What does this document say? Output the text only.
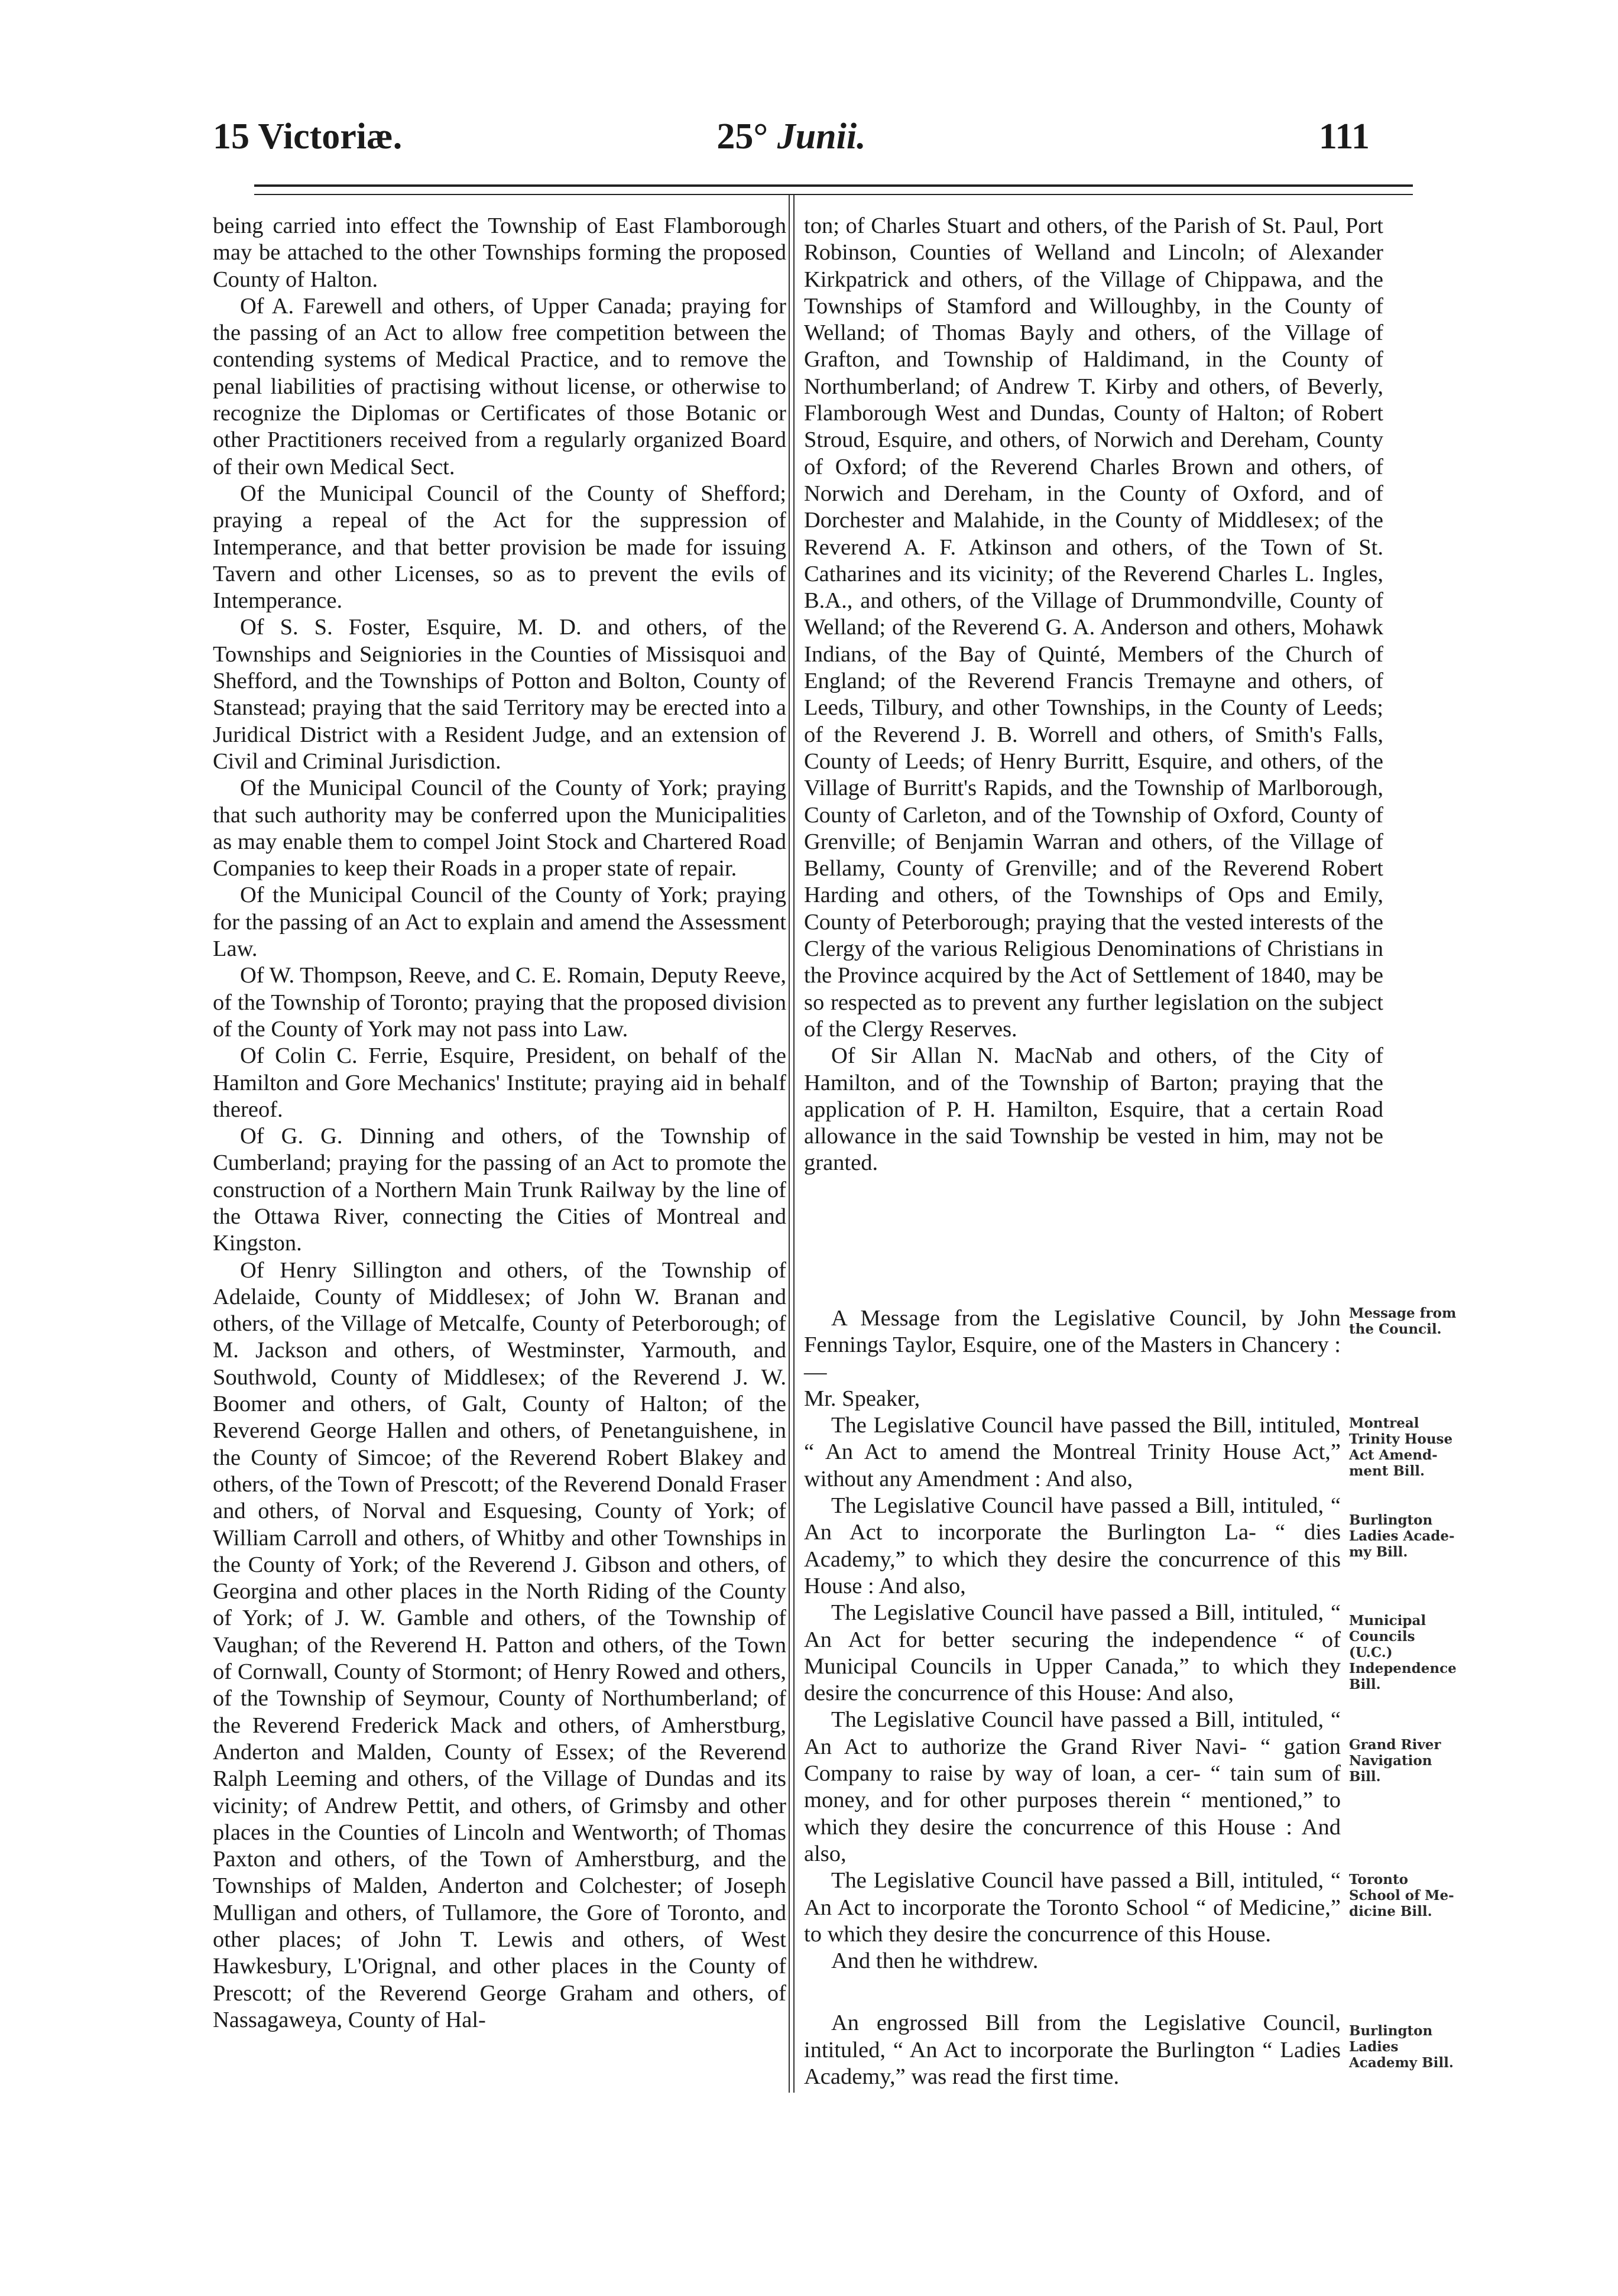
15 Victoriæ.	25° Junii.	111

being carried into effect the Township of East Flamborough may be attached to the other Townships forming the proposed County of Halton.

Of A. Farewell and others, of Upper Canada; praying for the passing of an Act to allow free competition between the contending systems of Medical Practice, and to remove the penal liabilities of practising without license, or otherwise to recognize the Diplomas or Certificates of those Botanic or other Practitioners received from a regularly organized Board of their own Medical Sect.

Of the Municipal Council of the County of Shefford; praying a repeal of the Act for the suppression of Intemperance, and that better provision be made for issuing Tavern and other Licenses, so as to prevent the evils of Intemperance.

Of S. S. Foster, Esquire, M. D. and others, of the Townships and Seigniories in the Counties of Missisquoi and Shefford, and the Townships of Potton and Bolton, County of Stanstead; praying that the said Territory may be erected into a Juridical District with a Resident Judge, and an extension of Civil and Criminal Jurisdiction.

Of the Municipal Council of the County of York; praying that such authority may be conferred upon the Municipalities as may enable them to compel Joint Stock and Chartered Road Companies to keep their Roads in a proper state of repair.

Of the Municipal Council of the County of York; praying for the passing of an Act to explain and amend the Assessment Law.

Of W. Thompson, Reeve, and C. E. Romain, Deputy Reeve, of the Township of Toronto; praying that the proposed division of the County of York may not pass into Law.

Of Colin C. Ferrie, Esquire, President, on behalf of the Hamilton and Gore Mechanics' Institute; praying aid in behalf thereof.

Of G. G. Dinning and others, of the Township of Cumberland; praying for the passing of an Act to promote the construction of a Northern Main Trunk Railway by the line of the Ottawa River, connecting the Cities of Montreal and Kingston.

Of Henry Sillington and others, of the Township of Adelaide, County of Middlesex; of John W. Branan and others, of the Village of Metcalfe, County of Peterborough; of M. Jackson and others, of Westminster, Yarmouth, and Southwold, County of Middlesex; of the Reverend J. W. Boomer and others, of Galt, County of Halton; of the Reverend George Hallen and others, of Penetanguishene, in the County of Simcoe; of the Reverend Robert Blakey and others, of the Town of Prescott; of the Reverend Donald Fraser and others, of Norval and Esquesing, County of York; of William Carroll and others, of Whitby and other Townships in the County of York; of the Reverend J. Gibson and others, of Georgina and other places in the North Riding of the County of York; of J. W. Gamble and others, of the Township of Vaughan; of the Reverend H. Patton and others, of the Town of Cornwall, County of Stormont; of Henry Rowed and others, of the Township of Seymour, County of Northumberland; of the Reverend Frederick Mack and others, of Amherstburg, Anderton and Malden, County of Essex; of the Reverend Ralph Leeming and others, of the Village of Dundas and its vicinity; of Andrew Pettit, and others, of Grimsby and other places in the Counties of Lincoln and Wentworth; of Thomas Paxton and others, of the Town of Amherstburg, and the Townships of Malden, Anderton and Colchester; of Joseph Mulligan and others, of Tullamore, the Gore of Toronto, and other places; of John T. Lewis and others, of West Hawkesbury, L'Orignal, and other places in the County of Prescott; of the Reverend George Graham and others, of Nassagaweya, County of Hal-

ton; of Charles Stuart and others, of the Parish of St. Paul, Port Robinson, Counties of Welland and Lincoln; of Alexander Kirkpatrick and others, of the Village of Chippawa, and the Townships of Stamford and Willoughby, in the County of Welland; of Thomas Bayly and others, of the Village of Grafton, and Township of Haldimand, in the County of Northumberland; of Andrew T. Kirby and others, of Beverly, Flamborough West and Dundas, County of Halton; of Robert Stroud, Esquire, and others, of Norwich and Dereham, County of Oxford; of the Reverend Charles Brown and others, of Norwich and Dereham, in the County of Oxford, and of Dorchester and Malahide, in the County of Middlesex; of the Reverend A. F. Atkinson and others, of the Town of St. Catharines and its vicinity; of the Reverend Charles L. Ingles, B.A., and others, of the Village of Drummondville, County of Welland; of the Reverend G. A. Anderson and others, Mohawk Indians, of the Bay of Quinté, Members of the Church of England; of the Reverend Francis Tremayne and others, of Leeds, Tilbury, and other Townships, in the County of Leeds; of the Reverend J. B. Worrell and others, of Smith's Falls, County of Leeds; of Henry Burritt, Esquire, and others, of the Village of Burritt's Rapids, and the Township of Marlborough, County of Carleton, and of the Township of Oxford, County of Grenville; of Benjamin Warran and others, of the Village of Bellamy, County of Grenville; and of the Reverend Robert Harding and others, of the Townships of Ops and Emily, County of Peterborough; praying that the vested interests of the Clergy of the various Religious Denominations of Christians in the Province acquired by the Act of Settlement of 1840, may be so respected as to prevent any further legislation on the subject of the Clergy Reserves.

Of Sir Allan N. MacNab and others, of the City of Hamilton, and of the Township of Barton; praying that the application of P. H. Hamilton, Esquire, that a certain Road allowance in the said Township be vested in him, may not be granted.

A Message from the Legislative Council, by John Fennings Taylor, Esquire, one of the Masters in Chancery :—

Mr. Speaker,

The Legislative Council have passed the Bill, intituled, “ An Act to amend the Montreal Trinity House Act,” without any Amendment : And also,

The Legislative Council have passed a Bill, intituled, “ An Act to incorporate the Burlington La- “ dies Academy,” to which they desire the concurrence of this House : And also,

The Legislative Council have passed a Bill, intituled, “ An Act for better securing the independence “ of Municipal Councils in Upper Canada,” to which they desire the concurrence of this House: And also,

The Legislative Council have passed a Bill, intituled, “ An Act to authorize the Grand River Navi- “ gation Company to raise by way of loan, a cer- “ tain sum of money, and for other purposes therein “ mentioned,” to which they desire the concurrence of this House : And also,

The Legislative Council have passed a Bill, intituled, “ An Act to incorporate the Toronto School “ of Medicine,” to which they desire the concurrence of this House.

And then he withdrew.

An engrossed Bill from the Legislative Council, intituled, “ An Act to incorporate the Burlington “ Ladies Academy,” was read the first time.

Message from
the Council.
Montreal
Trinity House
Act Amend-
ment Bill.
Burlington
Ladies Acade-
my Bill.
Municipal
Councils
(U.C.)
Independence
Bill.
Grand River
Navigation
Bill.
Toronto
School of Me-
dicine Bill.
Burlington
Ladies
Academy Bill.
